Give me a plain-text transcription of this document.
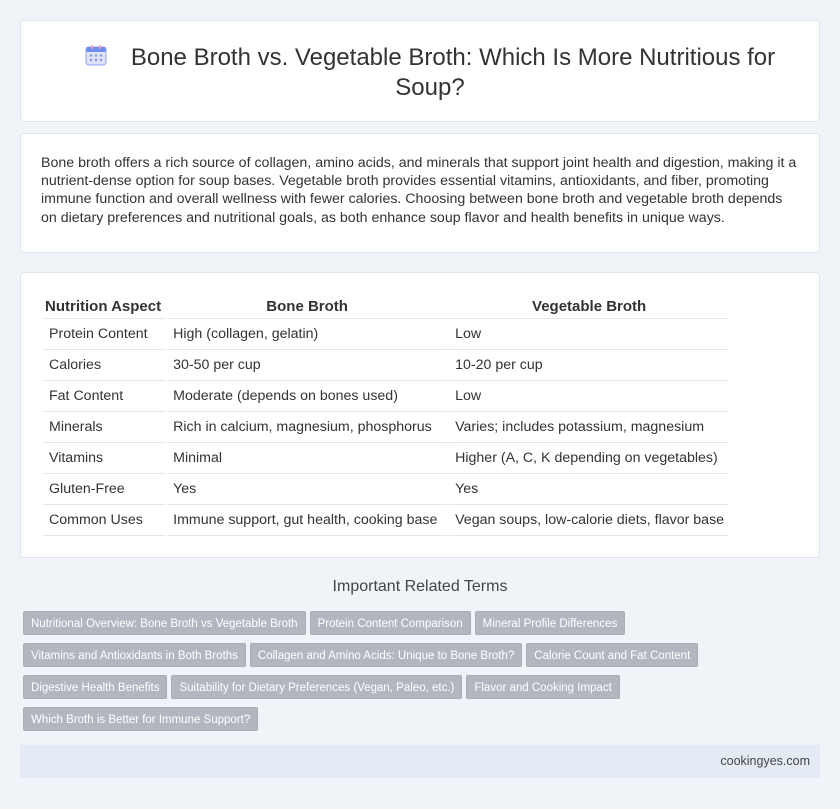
Bone Broth vs. Vegetable Broth: Which Is More Nutritious for Soup?

Bone broth offers a rich source of collagen, amino acids, and minerals that support joint health and digestion, making it a nutrient-dense option for soup bases. Vegetable broth provides essential vitamins, antioxidants, and fiber, promoting immune function and overall wellness with fewer calories. Choosing between bone broth and vegetable broth depends on dietary preferences and nutritional goals, as both enhance soup flavor and health benefits in unique ways.

Nutrition Aspect		Bone Broth		Vegetable Broth
Protein Content		High (collagen, gelatin)		Low
Calories		30-50 per cup		10-20 per cup
Fat Content		Moderate (depends on bones used)		Low
Minerals		Rich in calcium, magnesium, phosphorus		Varies; includes potassium, magnesium
Vitamins		Minimal		Higher (A, C, K depending on vegetables)
Gluten-Free		Yes		Yes
Common Uses		Immune support, gut health, cooking base		Vegan soups, low-calorie diets, flavor base
Important Related Terms
Nutritional Overview: Bone Broth vs Vegetable Broth Protein Content Comparison Mineral Profile Differences
Vitamins and Antioxidants in Both Broths Collagen and Amino Acids: Unique to Bone Broth? Calorie Count and Fat Content
Digestive Health Benefits Suitability for Dietary Preferences (Vegan, Paleo, etc.) Flavor and Cooking Impact
Which Broth is Better for Immune Support?
cookingyes.com
